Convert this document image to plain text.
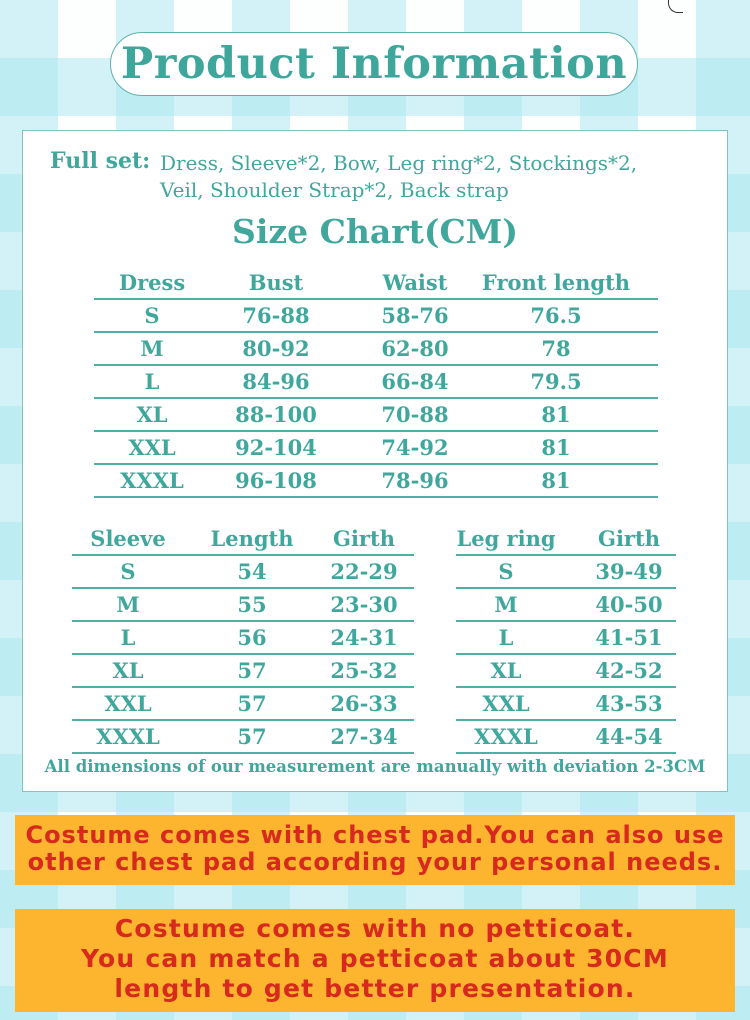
Product Information
Full set: Dress, Sleeve*2, Bow, Leg ring*2, Stockings*2,
Veil, Shoulder Strap*2, Back strap
Size Chart(CM)
Dress	Bust	Waist	Front length
S	76-88	58-76	76.5
M	80-92	62-80	78
L	84-96	66-84	79.5
XL	88-100	70-88	81
XXL	92-104	74-92	81
XXXL	96-108	78-96	81
Sleeve	Length	Girth
S	54	22-29
M	55	23-30
L	56	24-31
XL	57	25-32
XXL	57	26-33
XXXL	57	27-34
Leg ring	Girth
S	39-49
M	40-50
L	41-51
XL	42-52
XXL	43-53
XXXL	44-54
All dimensions of our measurement are manually with deviation 2-3CM
Costume comes with chest pad.You can also use
other chest pad according your personal needs.
Costume comes with no petticoat.
You can match a petticoat about 30CM
length to get better presentation.
